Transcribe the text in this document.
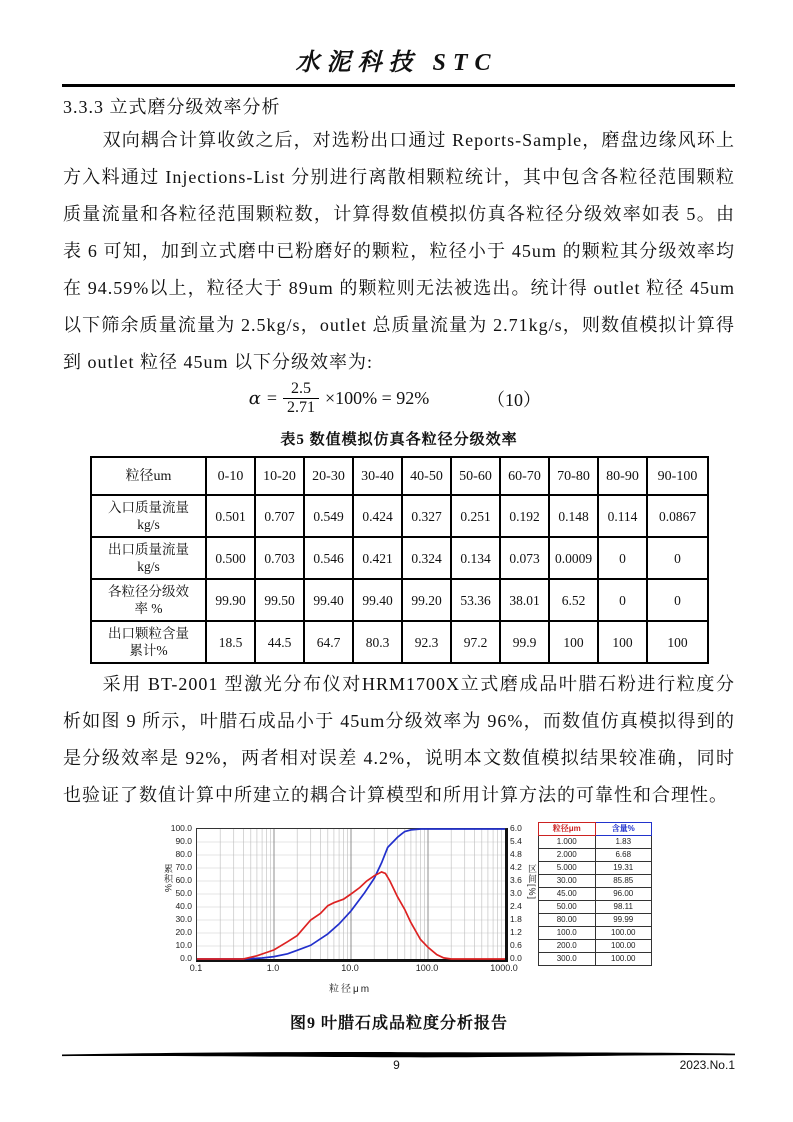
水泥科技 STC
3.3.3 立式磨分级效率分析
双向耦合计算收敛之后，对选粉出口通过 Reports-Sample，磨盘边缘风环上方入料通过 Injections-List 分别进行离散相颗粒统计，其中包含各粒径范围颗粒质量流量和各粒径范围颗粒数，计算得数值模拟仿真各粒径分级效率如表 5。由表 6 可知，加到立式磨中已粉磨好的颗粒，粒径小于 45um 的颗粒其分级效率均在 94.59%以上，粒径大于 89um 的颗粒则无法被选出。统计得 outlet 粒径 45um 以下筛余质量流量为 2.5kg/s，outlet 总质量流量为 2.71kg/s，则数值模拟计算得到 outlet 粒径 45um 以下分级效率为:
$\alpha = \frac{2.5}{2.71} \times 100\% = 92\%$	（10）
表5 数值模拟仿真各粒径分级效率
粒径um	0-10	10-20	20-30	30-40	40-50	50-60	60-70	70-80	80-90	90-100
入口质量流量
kg/s	0.501	0.707	0.549	0.424	0.327	0.251	0.192	0.148	0.114	0.0867
出口质量流量
kg/s	0.500	0.703	0.546	0.421	0.324	0.134	0.073	0.0009	0	0
各粒径分级效
率 %	99.90	99.50	99.40	99.40	99.20	53.36	38.01	6.52	0	0
出口颗粒含量
累计%	18.5	44.5	64.7	80.3	92.3	97.2	99.9	100	100	100
采用 BT-2001 型激光分布仪对HRM1700X立式磨成品叶腊石粉进行粒度分析如图 9 所示，叶腊石成品小于 45um分级效率为 96%，而数值仿真模拟得到的是分级效率是 92%，两者相对误差 4.2%，说明本文数值模拟结果较准确，同时也验证了数值计算中所建立的耦合计算模型和所用计算方法的可靠性和合理性。
累积%	区间[%]
粒径μm
粒径μm	含量%
1.000	1.83
2.000	6.68
5.000	19.31
30.00	85.85
45.00	96.00
50.00	98.11
80.00	99.99
100.0	100.00
200.0	100.00
300.0	100.00
100.0
90.0
80.0
70.0
60.0
50.0
40.0
30.0
20.0
10.0
0.0
6.0
5.4
4.8
4.2
3.6
3.0
2.4
1.8
1.2
0.6
0.0
0.1	1.0	10.0	100.0	1000.0
图9 叶腊石成品粒度分析报告
9	2023.No.1
